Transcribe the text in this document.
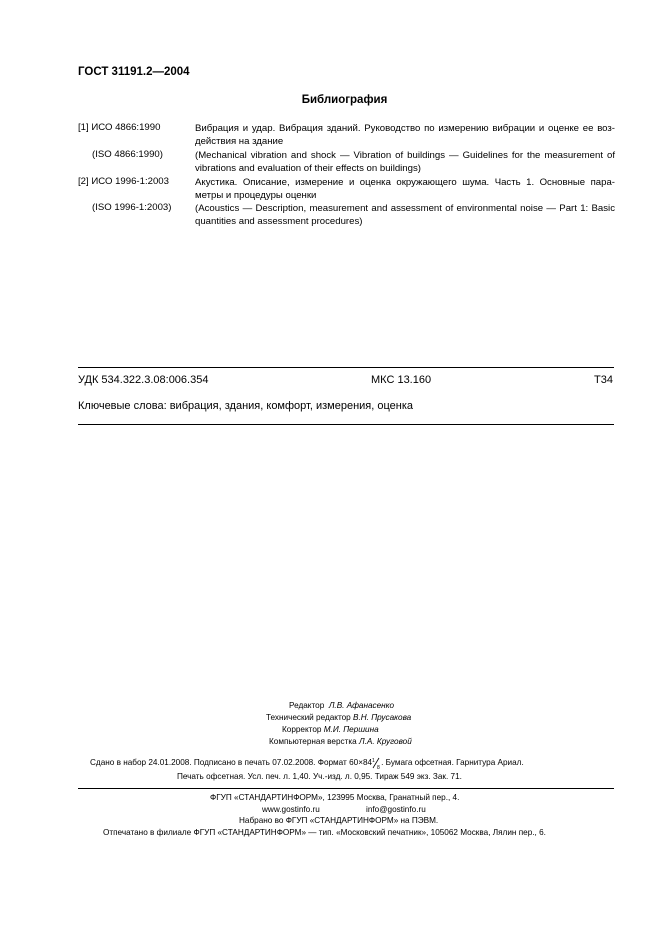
ГОСТ 31191.2—2004
Библиография
[1] ИСО 4866:1990	Вибрация и удар. Вибрация зданий. Руководство по измерению вибрации и оценке ее воз-действия на здание
(ISO 4866:1990)	(Mechanical vibration and shock — Vibration of buildings — Guidelines for the measurement of vibrations and evaluation of their effects on buildings)
[2] ИСО 1996-1:2003	Акустика. Описание, измерение и оценка окружающего шума. Часть 1. Основные пара-метры и процедуры оценки
(ISO 1996-1:2003) (Acoustics — Description, measurement and assessment of environmental noise — Part 1: Basic quantities and assessment procedures)
УДК 534.322.3.08:006.354	МКС 13.160	Т34
Ключевые слова: вибрация, здания, комфорт, измерения, оценка
Редактор Л.В. Афанасенко
Технический редактор В.Н. Прусакова
Корректор М.И. Першина
Компьютерная верстка Л.А. Круговой
Сдано в набор 24.01.2008. Подписано в печать 07.02.2008. Формат 60×84 1
8
. Бумага офсетная. Гарнитура Ариал.
Печать офсетная. Усл. печ. л. 1,40. Уч.-изд. л. 0,95. Тираж 549 экз. Зак. 71.
ФГУП «СТАНДАРТИНФОРМ», 123995 Москва, Гранатный пер., 4.
www.gostinfo.ru	info@gostinfo.ru
Набрано во ФГУП «СТАНДАРТИНФОРМ» на ПЭВМ.
Отпечатано в филиале ФГУП «СТАНДАРТИНФОРМ» — тип. «Московский печатник», 105062 Москва, Лялин пер., 6.
